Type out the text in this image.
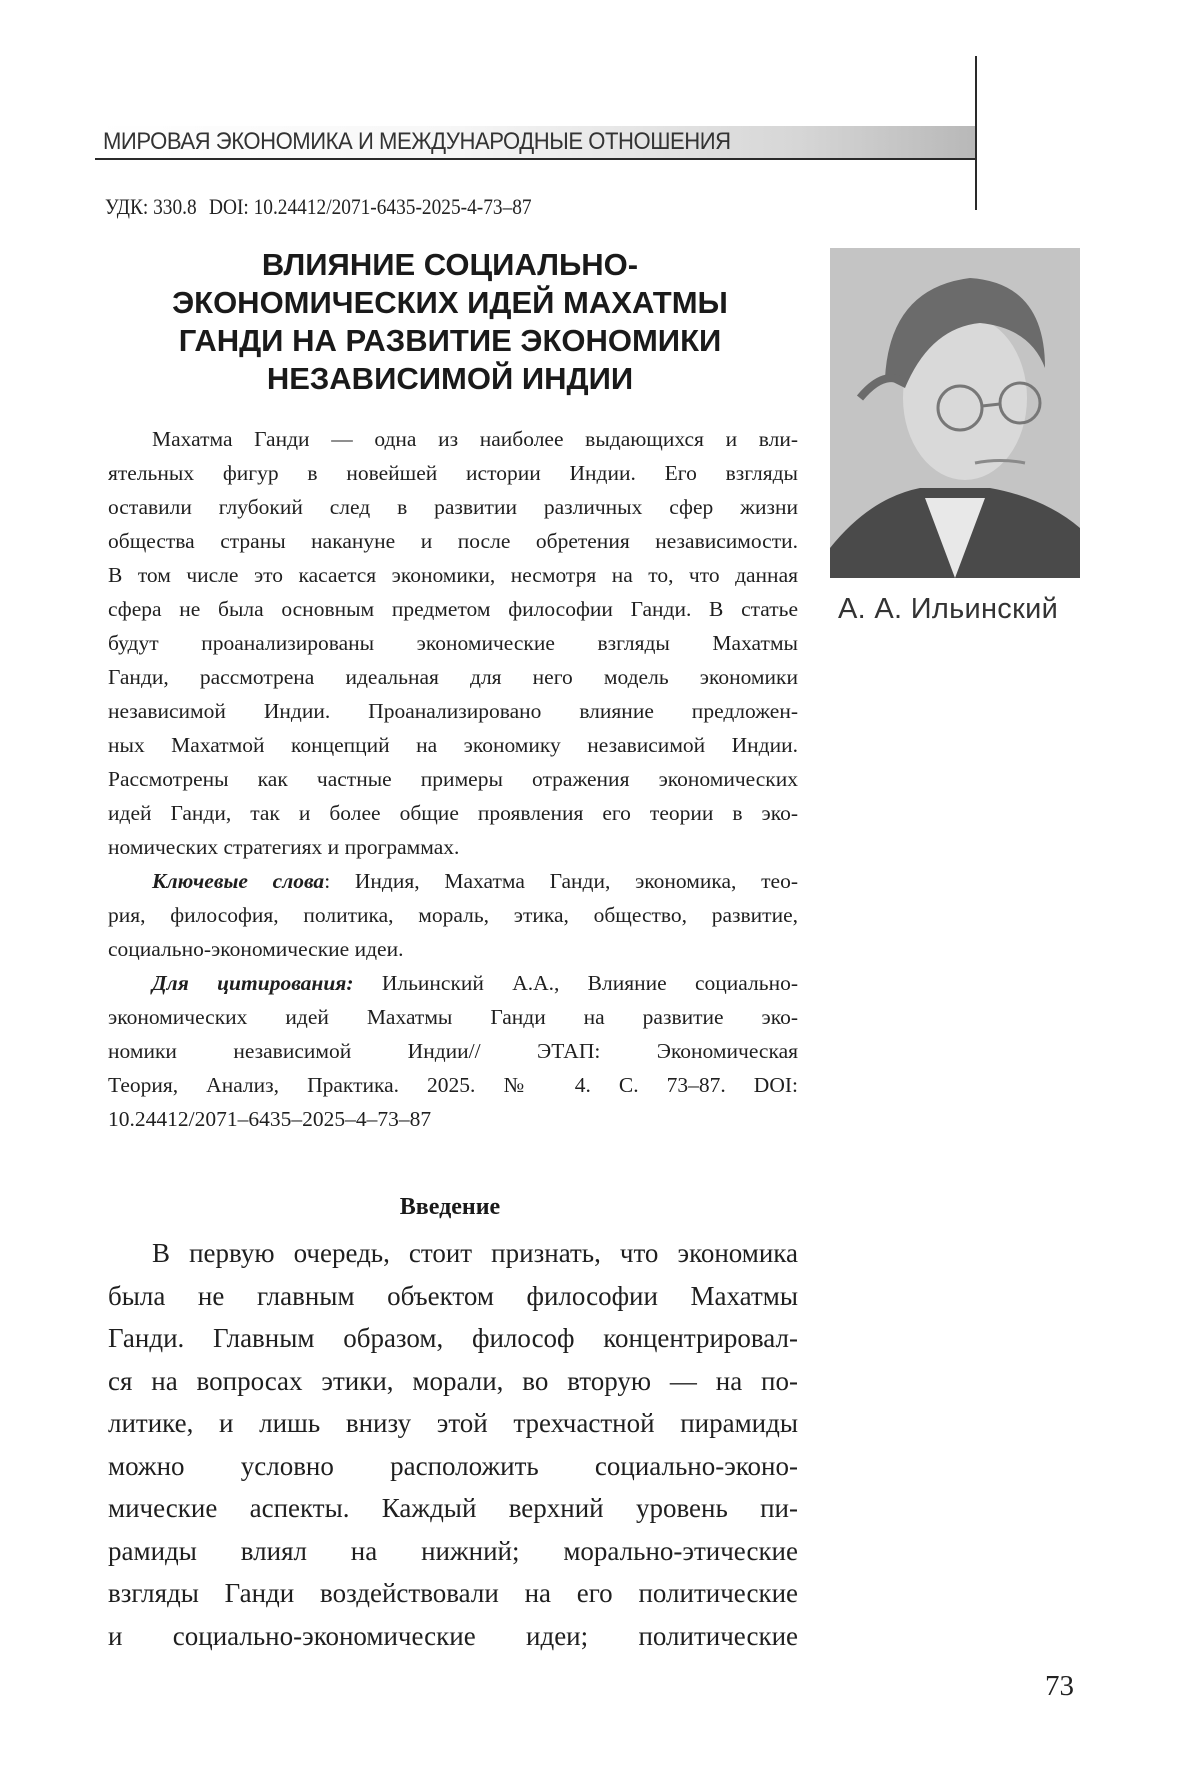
МИРОВАЯ ЭКОНОМИКА И МЕЖДУНАРОДНЫЕ ОТНОШЕНИЯ
УДК: 330.8 DOI: 10.24412/2071-6435-2025-4-73–87
ВЛИЯНИЕ СОЦИАЛЬНО-
ЭКОНОМИЧЕСКИХ ИДЕЙ МАХАТМЫ
ГАНДИ НА РАЗВИТИЕ ЭКОНОМИКИ
НЕЗАВИСИМОЙ ИНДИИ
А. А. Ильинский
Махатма Ганди — одна из наиболее выдающихся и вли-
ятельных фигур в новейшей истории Индии. Его взгляды
оставили глубокий след в развитии различных сфер жизни
общества страны накануне и после обретения независимости.
В том числе это касается экономики, несмотря на то, что данная
сфера не была основным предметом философии Ганди. В статье
будут проанализированы экономические взгляды Махатмы
Ганди, рассмотрена идеальная для него модель экономики
независимой Индии. Проанализировано влияние предложен-
ных Махатмой концепций на экономику независимой Индии.
Рассмотрены как частные примеры отражения экономических
идей Ганди, так и более общие проявления его теории в эко-
номических стратегиях и программах.
Ключевые слова: Индия, Махатма Ганди, экономика, тео-
рия, философия, политика, мораль, этика, общество, развитие,
социально-экономические идеи.
Для цитирования: Ильинский А.А., Влияние социально-
экономических идей Махатмы Ганди на развитие эко-
номики независимой Индии// ЭТАП: Экономическая
Теория, Анализ, Практика. 2025. № 4. С. 73–87. DOI:
10.24412/2071–6435–2025–4–73–87
Введение
В первую очередь, стоит признать, что экономика
была не главным объектом философии Махатмы
Ганди. Главным образом, философ концентрировал-
ся на вопросах этики, морали, во вторую — на по-
литике, и лишь внизу этой трехчастной пирамиды
можно условно расположить социально-эконо-
мические аспекты. Каждый верхний уровень пи-
рамиды влиял на нижний; морально-этические
взгляды Ганди воздействовали на его политические
и социально-экономические идеи; политические
73
